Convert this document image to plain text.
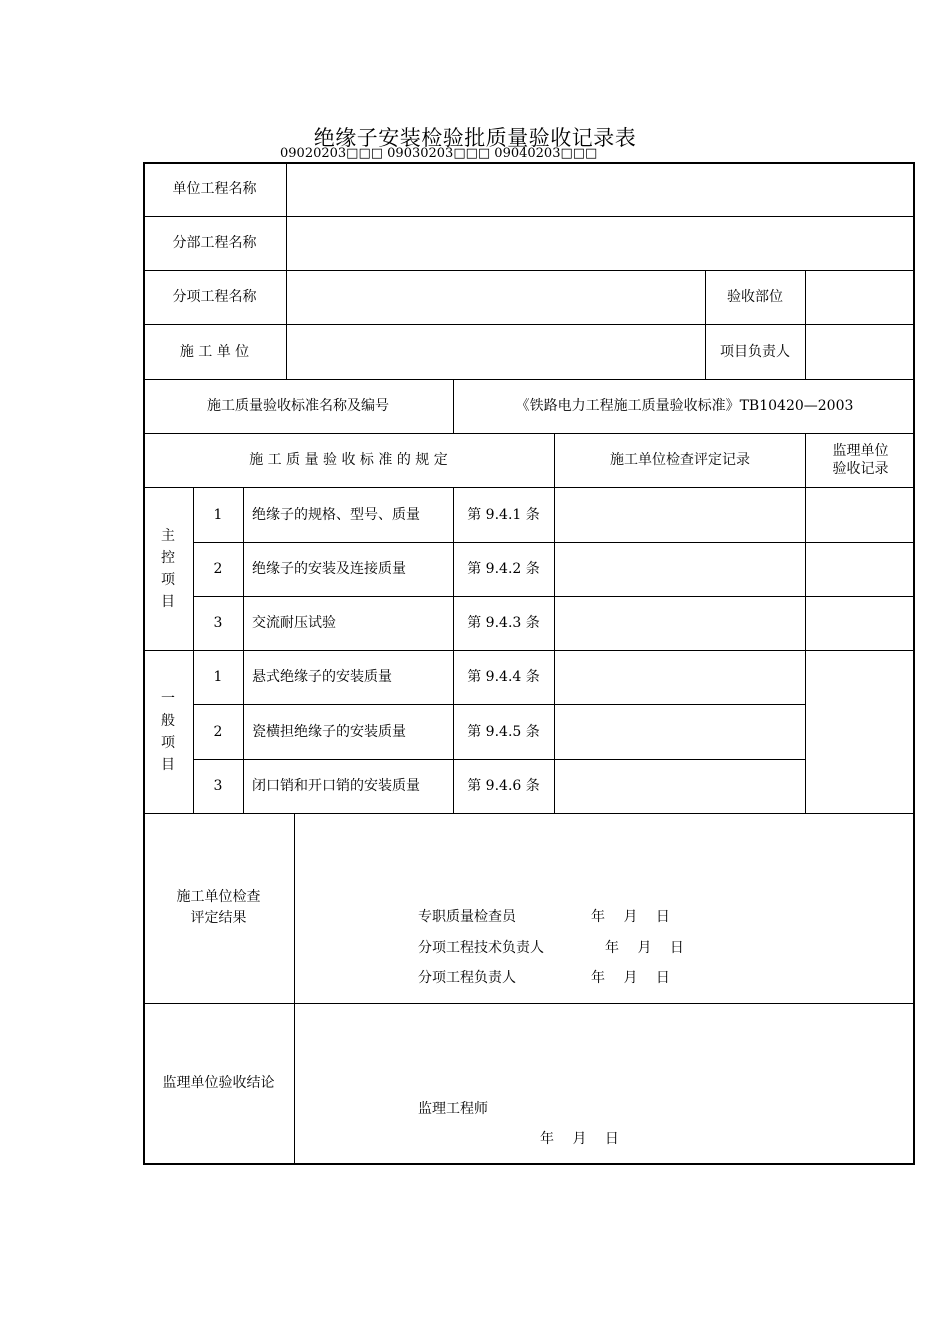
绝缘子安装检验批质量验收记录表
09020203□□□ 09030203□□□ 09040203□□□
单位工程名称
分部工程名称
分项工程名称	验收部位
施 工 单 位	项目负责人
施工质量验收标准名称及编号	《铁路电力工程施工质量验收标准》TB10420—2003
施 工 质 量 验 收 标 准 的 规 定	施工单位检查评定记录
监理单位
验收记录
主
控
项
目
1	绝缘子的规格、型号、质量	第 9.4.1 条
2	绝缘子的安装及连接质量	第 9.4.2 条
3	交流耐压试验	第 9.4.3 条
一
般
项
目
1	悬式绝缘子的安装质量	第 9.4.4 条
2	瓷横担绝缘子的安装质量	第 9.4.5 条
3	闭口销和开口销的安装质量	第 9.4.6 条
施工单位检查
评定结果	专职质量检查员	年　 月　 日
分项工程技术负责人	年　 月　 日
分项工程负责人	年　 月　 日
监理单位验收结论
监理工程师
年　 月　 日
